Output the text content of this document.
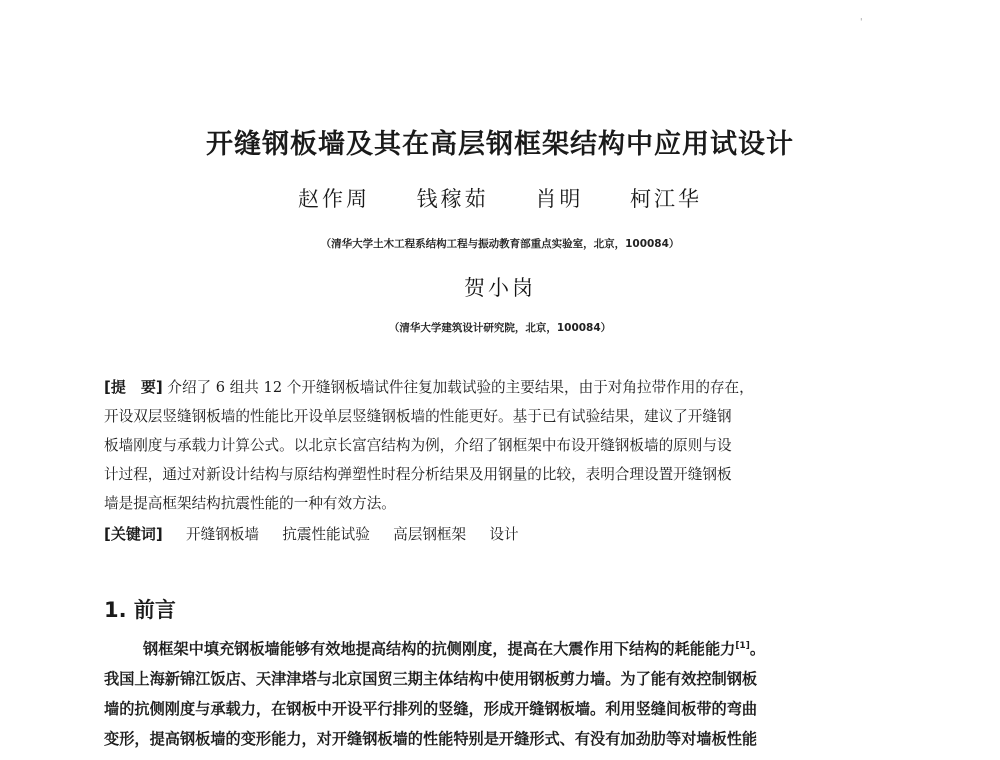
'
开缝钢板墙及其在高层钢框架结构中应用试设计
赵作周 钱稼茹 肖明 柯江华
（清华大学土木工程系结构工程与振动教育部重点实验室，北京，100084）
贺小岗
（清华大学建筑设计研究院，北京，100084）
[提　要] 介绍了 6 组共 12 个开缝钢板墙试件往复加载试验的主要结果，由于对角拉带作用的存在，
开设双层竖缝钢板墙的性能比开设单层竖缝钢板墙的性能更好。基于已有试验结果，建议了开缝钢
板墙刚度与承载力计算公式。以北京长富宫结构为例，介绍了钢框架中布设开缝钢板墙的原则与设
计过程，通过对新设计结构与原结构弹塑性时程分析结果及用钢量的比较，表明合理设置开缝钢板
墙是提高框架结构抗震性能的一种有效方法。
[关键词] 开缝钢板墙 抗震性能试验 高层钢框架 设计
1. 前言
钢框架中填充钢板墙能够有效地提高结构的抗侧刚度，提高在大震作用下结构的耗能能力[1]。
我国上海新锦江饭店、天津津塔与北京国贸三期主体结构中使用钢板剪力墙。为了能有效控制钢板
墙的抗侧刚度与承载力，在钢板中开设平行排列的竖缝，形成开缝钢板墙。利用竖缝间板带的弯曲
变形，提高钢板墙的变形能力，对开缝钢板墙的性能特别是开缝形式、有没有加劲肋等对墙板性能
